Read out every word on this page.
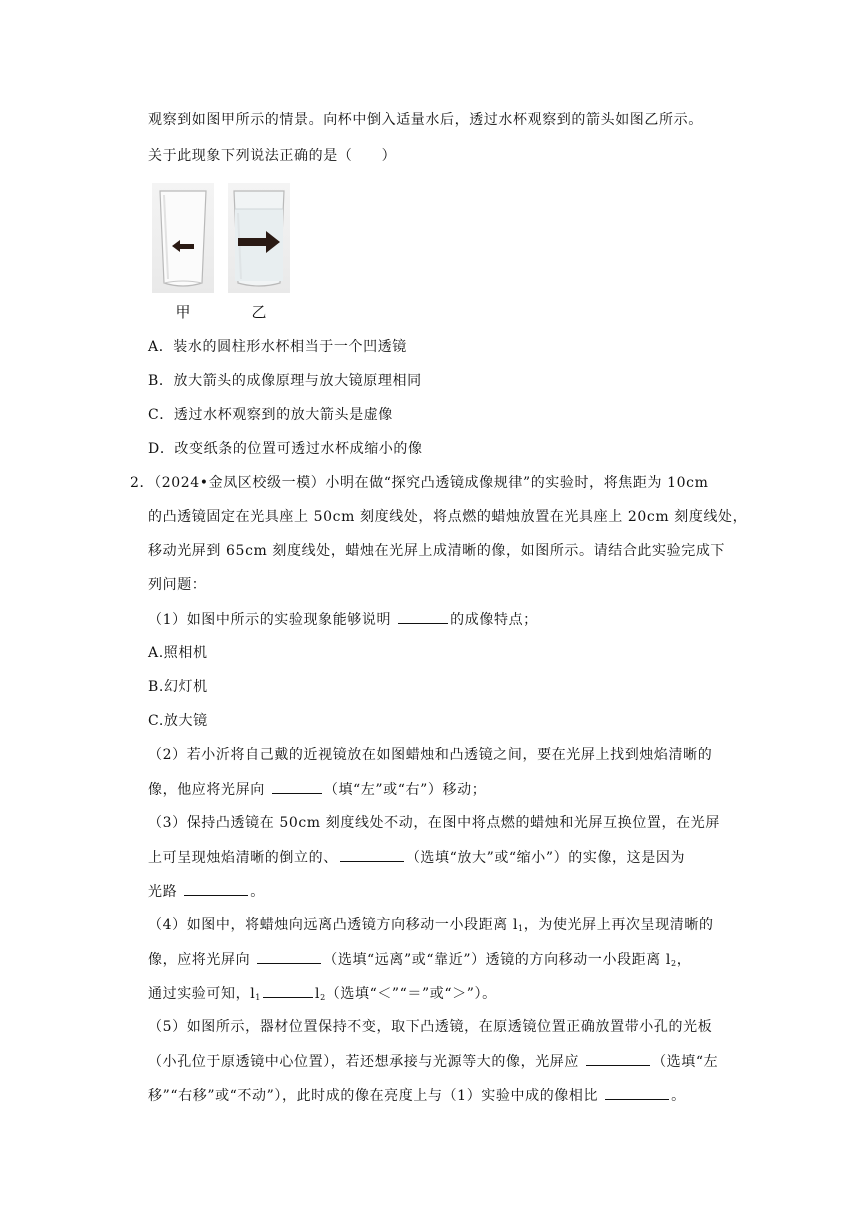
观察到如图甲所示的情景。向杯中倒入适量水后，透过水杯观察到的箭头如图乙所示。
关于此现象下列说法正确的是（　　）
甲	乙
A．装水的圆柱形水杯相当于一个凹透镜
B．放大箭头的成像原理与放大镜原理相同
C．透过水杯观察到的放大箭头是虚像
D．改变纸条的位置可透过水杯成缩小的像
2．（2024•金凤区校级一模）小明在做“探究凸透镜成像规律”的实验时，将焦距为 10cm
的凸透镜固定在光具座上 50cm 刻度线处，将点燃的蜡烛放置在光具座上 20cm 刻度线处，
移动光屏到 65cm 刻度线处，蜡烛在光屏上成清晰的像，如图所示。请结合此实验完成下
列问题：
（1）如图中所示的实验现象能够说明	的成像特点；
A.照相机
B.幻灯机
C.放大镜
（2）若小沂将自己戴的近视镜放在如图蜡烛和凸透镜之间，要在光屏上找到烛焰清晰的
像，他应将光屏向	（填“左”或“右”）移动；
（3）保持凸透镜在 50cm 刻度线处不动，在图中将点燃的蜡烛和光屏互换位置，在光屏
上可呈现烛焰清晰的倒立的、	（选填“放大”或“缩小”）的实像，这是因为
光路	。
（4）如图中，将蜡烛向远离凸透镜方向移动一小段距离 $l_1$，为使光屏上再次呈现清晰的
像，应将光屏向	（选填“远离”或“靠近”）透镜的方向移动一小段距离 $l_2$，
通过实验可知，$l_1$	$l_2$（选填“＜”“＝”或“＞”）。
（5）如图所示，器材位置保持不变，取下凸透镜，在原透镜位置正确放置带小孔的光板
（小孔位于原透镜中心位置），若还想承接与光源等大的像，光屏应	（选填“左
移”“右移”或“不动”），此时成的像在亮度上与（1）实验中成的像相比	。
